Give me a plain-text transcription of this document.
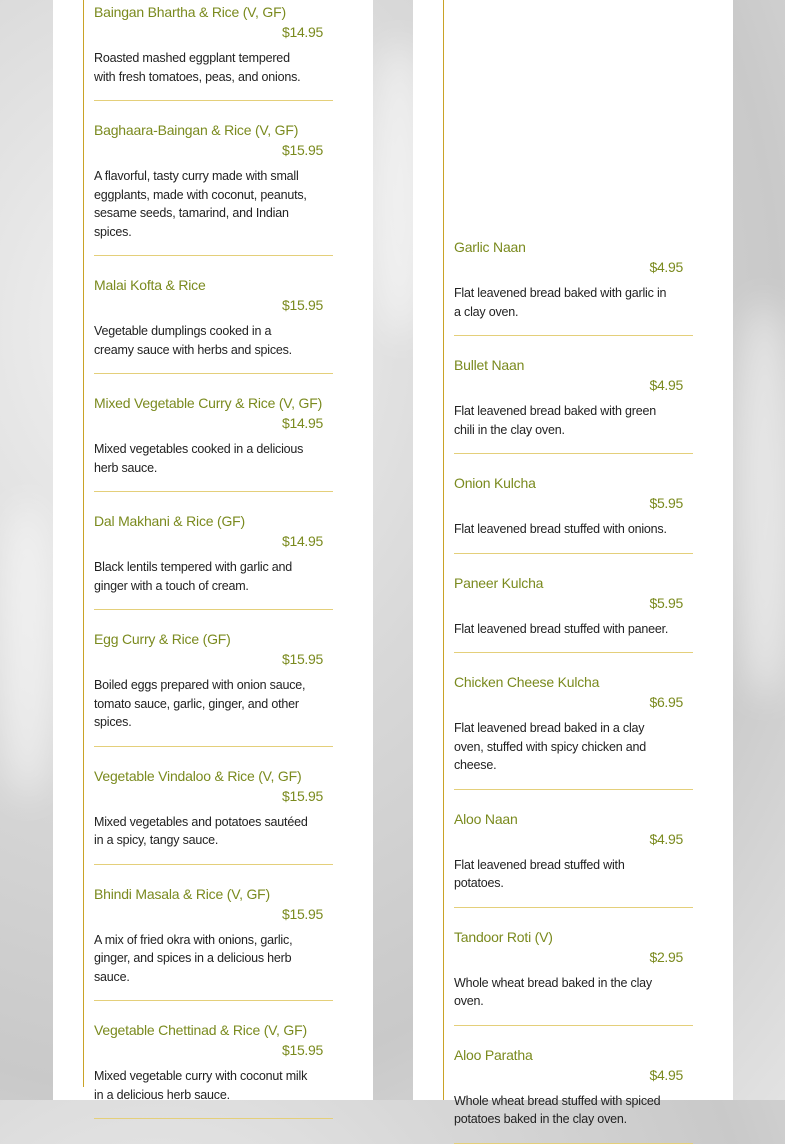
Baingan Bhartha & Rice (V, GF)
$14.95
Roasted mashed eggplant tempered with fresh tomatoes, peas, and onions.
Baghaara-Baingan & Rice (V, GF)
$15.95
A flavorful, tasty curry made with small eggplants, made with coconut, peanuts, sesame seeds, tamarind, and Indian spices.
Malai Kofta & Rice
$15.95
Vegetable dumplings cooked in a creamy sauce with herbs and spices.
Mixed Vegetable Curry & Rice (V, GF)
$14.95
Mixed vegetables cooked in a delicious herb sauce.
Dal Makhani & Rice (GF)
$14.95
Black lentils tempered with garlic and ginger with a touch of cream.
Egg Curry & Rice (GF)
$15.95
Boiled eggs prepared with onion sauce, tomato sauce, garlic, ginger, and other spices.
Vegetable Vindaloo & Rice (V, GF)
$15.95
Mixed vegetables and potatoes sautéed in a spicy, tangy sauce.
Bhindi Masala & Rice (V, GF)
$15.95
A mix of fried okra with onions, garlic, ginger, and spices in a delicious herb sauce.
Vegetable Chettinad & Rice (V, GF)
$15.95
Mixed vegetable curry with coconut milk in a delicious herb sauce.
Garlic Naan
$4.95
Flat leavened bread baked with garlic in a clay oven.
Bullet Naan
$4.95
Flat leavened bread baked with green chili in the clay oven.
Onion Kulcha
$5.95
Flat leavened bread stuffed with onions.
Paneer Kulcha
$5.95
Flat leavened bread stuffed with paneer.
Chicken Cheese Kulcha
$6.95
Flat leavened bread baked in a clay oven, stuffed with spicy chicken and cheese.
Aloo Naan
$4.95
Flat leavened bread stuffed with potatoes.
Tandoor Roti (V)
$2.95
Whole wheat bread baked in the clay oven.
Aloo Paratha
$4.95
Whole wheat bread stuffed with spiced potatoes baked in the clay oven.
